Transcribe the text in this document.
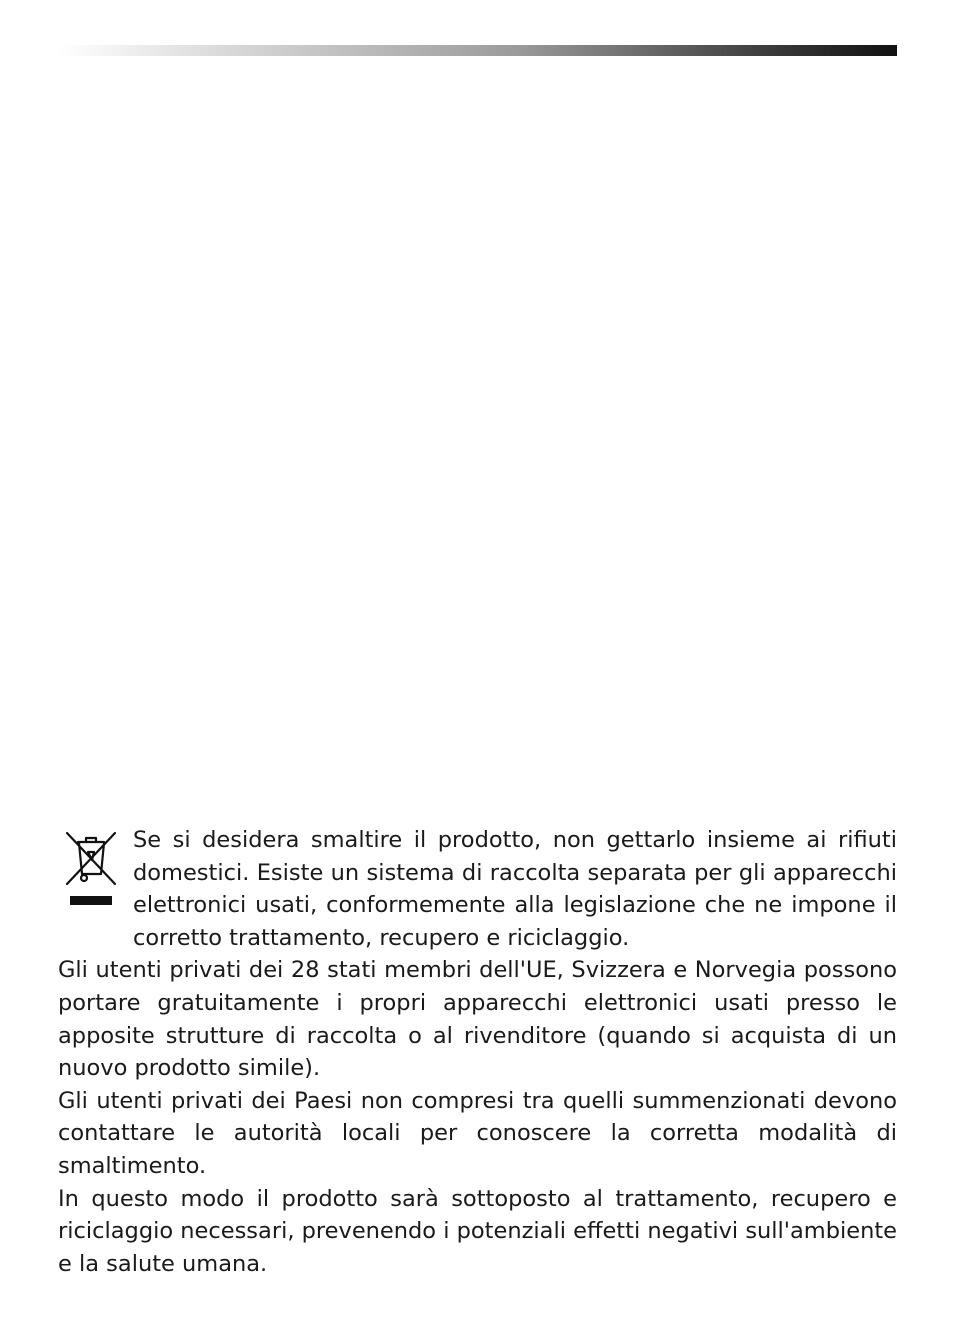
Se si desidera smaltire il prodotto, non gettarlo insieme ai rifiuti domestici. Esiste un sistema di raccolta separata per gli apparecchi elettronici usati, conformemente alla legislazione che ne impone il corretto trattamento, recupero e riciclaggio.

Gli utenti privati dei 28 stati membri dell'UE, Svizzera e Norvegia possono portare gratuitamente i propri apparecchi elettronici usati presso le apposite strutture di raccolta o al rivenditore (quando si acquista di un nuovo prodotto simile).

Gli utenti privati dei Paesi non compresi tra quelli summenzionati devono contattare le autorità locali per conoscere la corretta modalità di smaltimento.

In questo modo il prodotto sarà sottoposto al trattamento, recupero e riciclaggio necessari, prevenendo i potenziali effetti negativi sull'ambiente e la salute umana.
